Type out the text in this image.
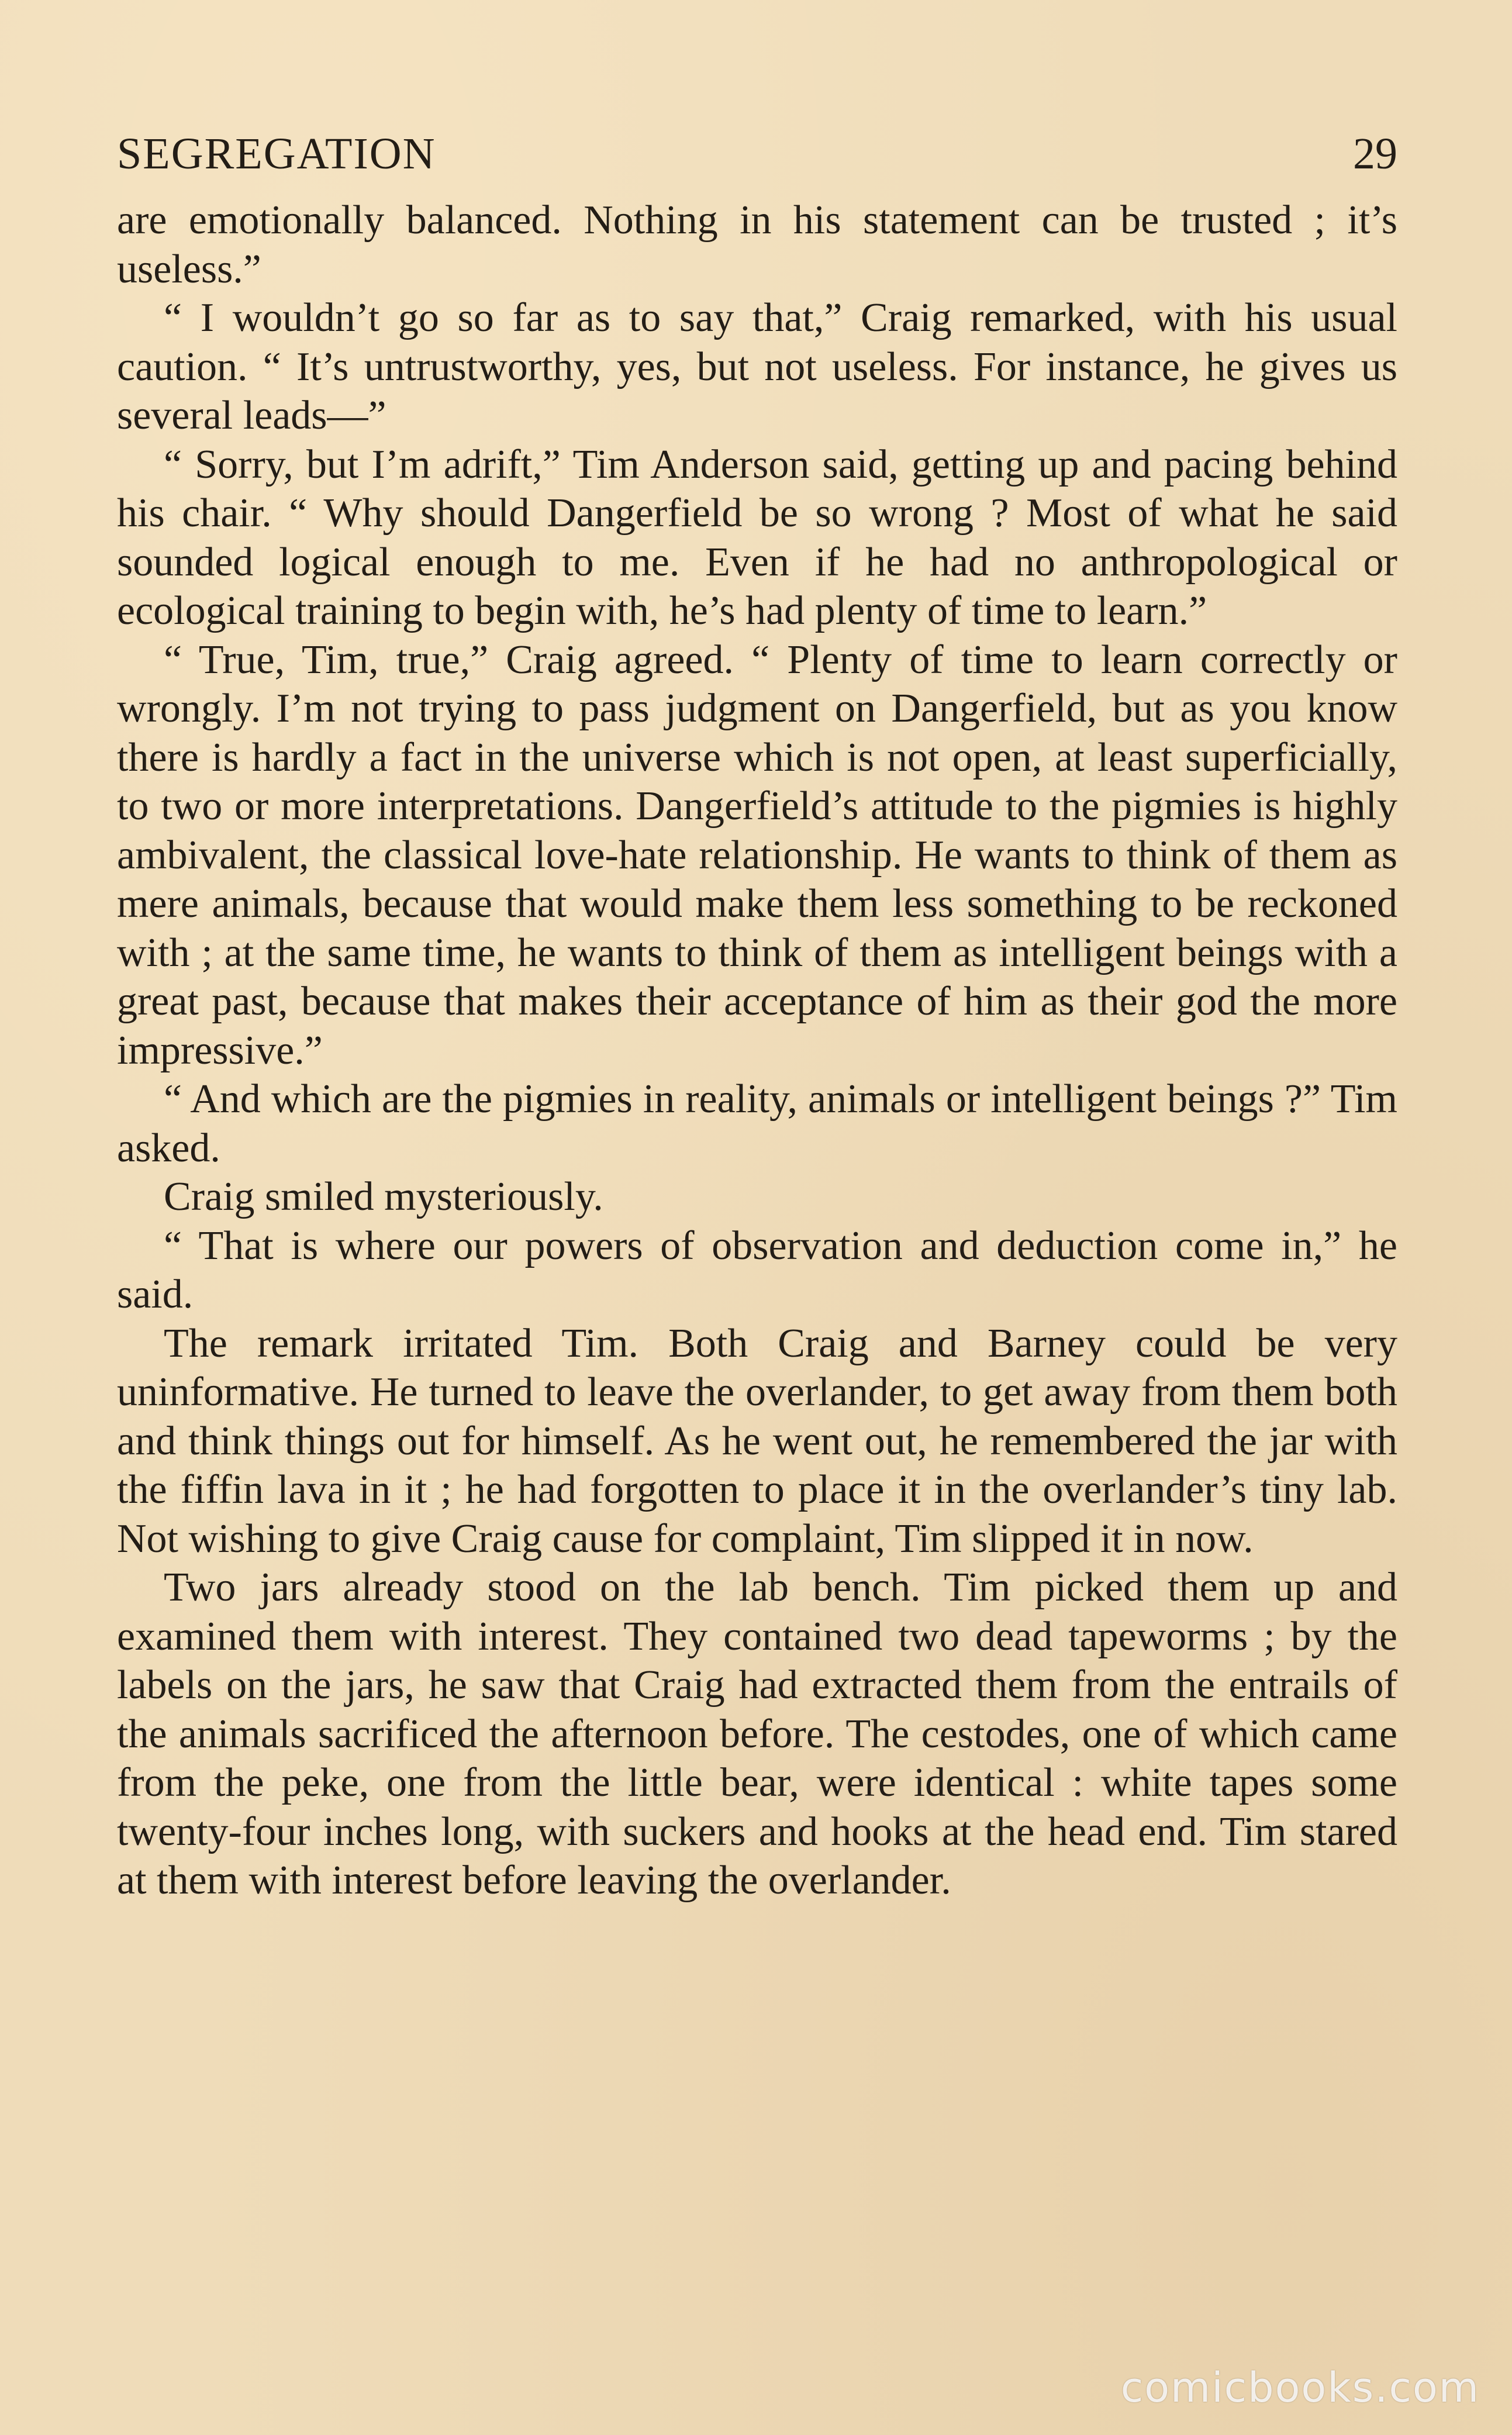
SEGREGATION	29

are emotionally balanced. Nothing in his statement can be trusted ; it’s useless.”

“ I wouldn’t go so far as to say that,” Craig remarked, with his usual caution. “ It’s untrustworthy, yes, but not useless. For instance, he gives us several leads—”

“ Sorry, but I’m adrift,” Tim Anderson said, getting up and pacing behind his chair. “ Why should Dangerfield be so wrong ? Most of what he said sounded logical enough to me. Even if he had no anthropological or ecological training to begin with, he’s had plenty of time to learn.”

“ True, Tim, true,” Craig agreed. “ Plenty of time to learn correctly or wrongly. I’m not trying to pass judgment on Dangerfield, but as you know there is hardly a fact in the universe which is not open, at least superficially, to two or more interpretations. Dangerfield’s attitude to the pigmies is highly ambivalent, the classical love-hate relationship. He wants to think of them as mere animals, because that would make them less something to be reckoned with ; at the same time, he wants to think of them as intelligent beings with a great past, because that makes their acceptance of him as their god the more impressive.”

“ And which are the pigmies in reality, animals or intelligent beings ?” Tim asked.

Craig smiled mysteriously.

“ That is where our powers of observation and deduction come in,” he said.

The remark irritated Tim. Both Craig and Barney could be very uninformative. He turned to leave the overlander, to get away from them both and think things out for himself. As he went out, he remembered the jar with the fiffin lava in it ; he had forgotten to place it in the overlander’s tiny lab. Not wishing to give Craig cause for complaint, Tim slipped it in now.

Two jars already stood on the lab bench. Tim picked them up and examined them with interest. They contained two dead tapeworms ; by the labels on the jars, he saw that Craig had extracted them from the entrails of the animals sacrificed the afternoon before. The cestodes, one of which came from the peke, one from the little bear, were identical : white tapes some twenty-four inches long, with suckers and hooks at the head end. Tim stared at them with interest before leaving the overlander.

comicbooks.com
